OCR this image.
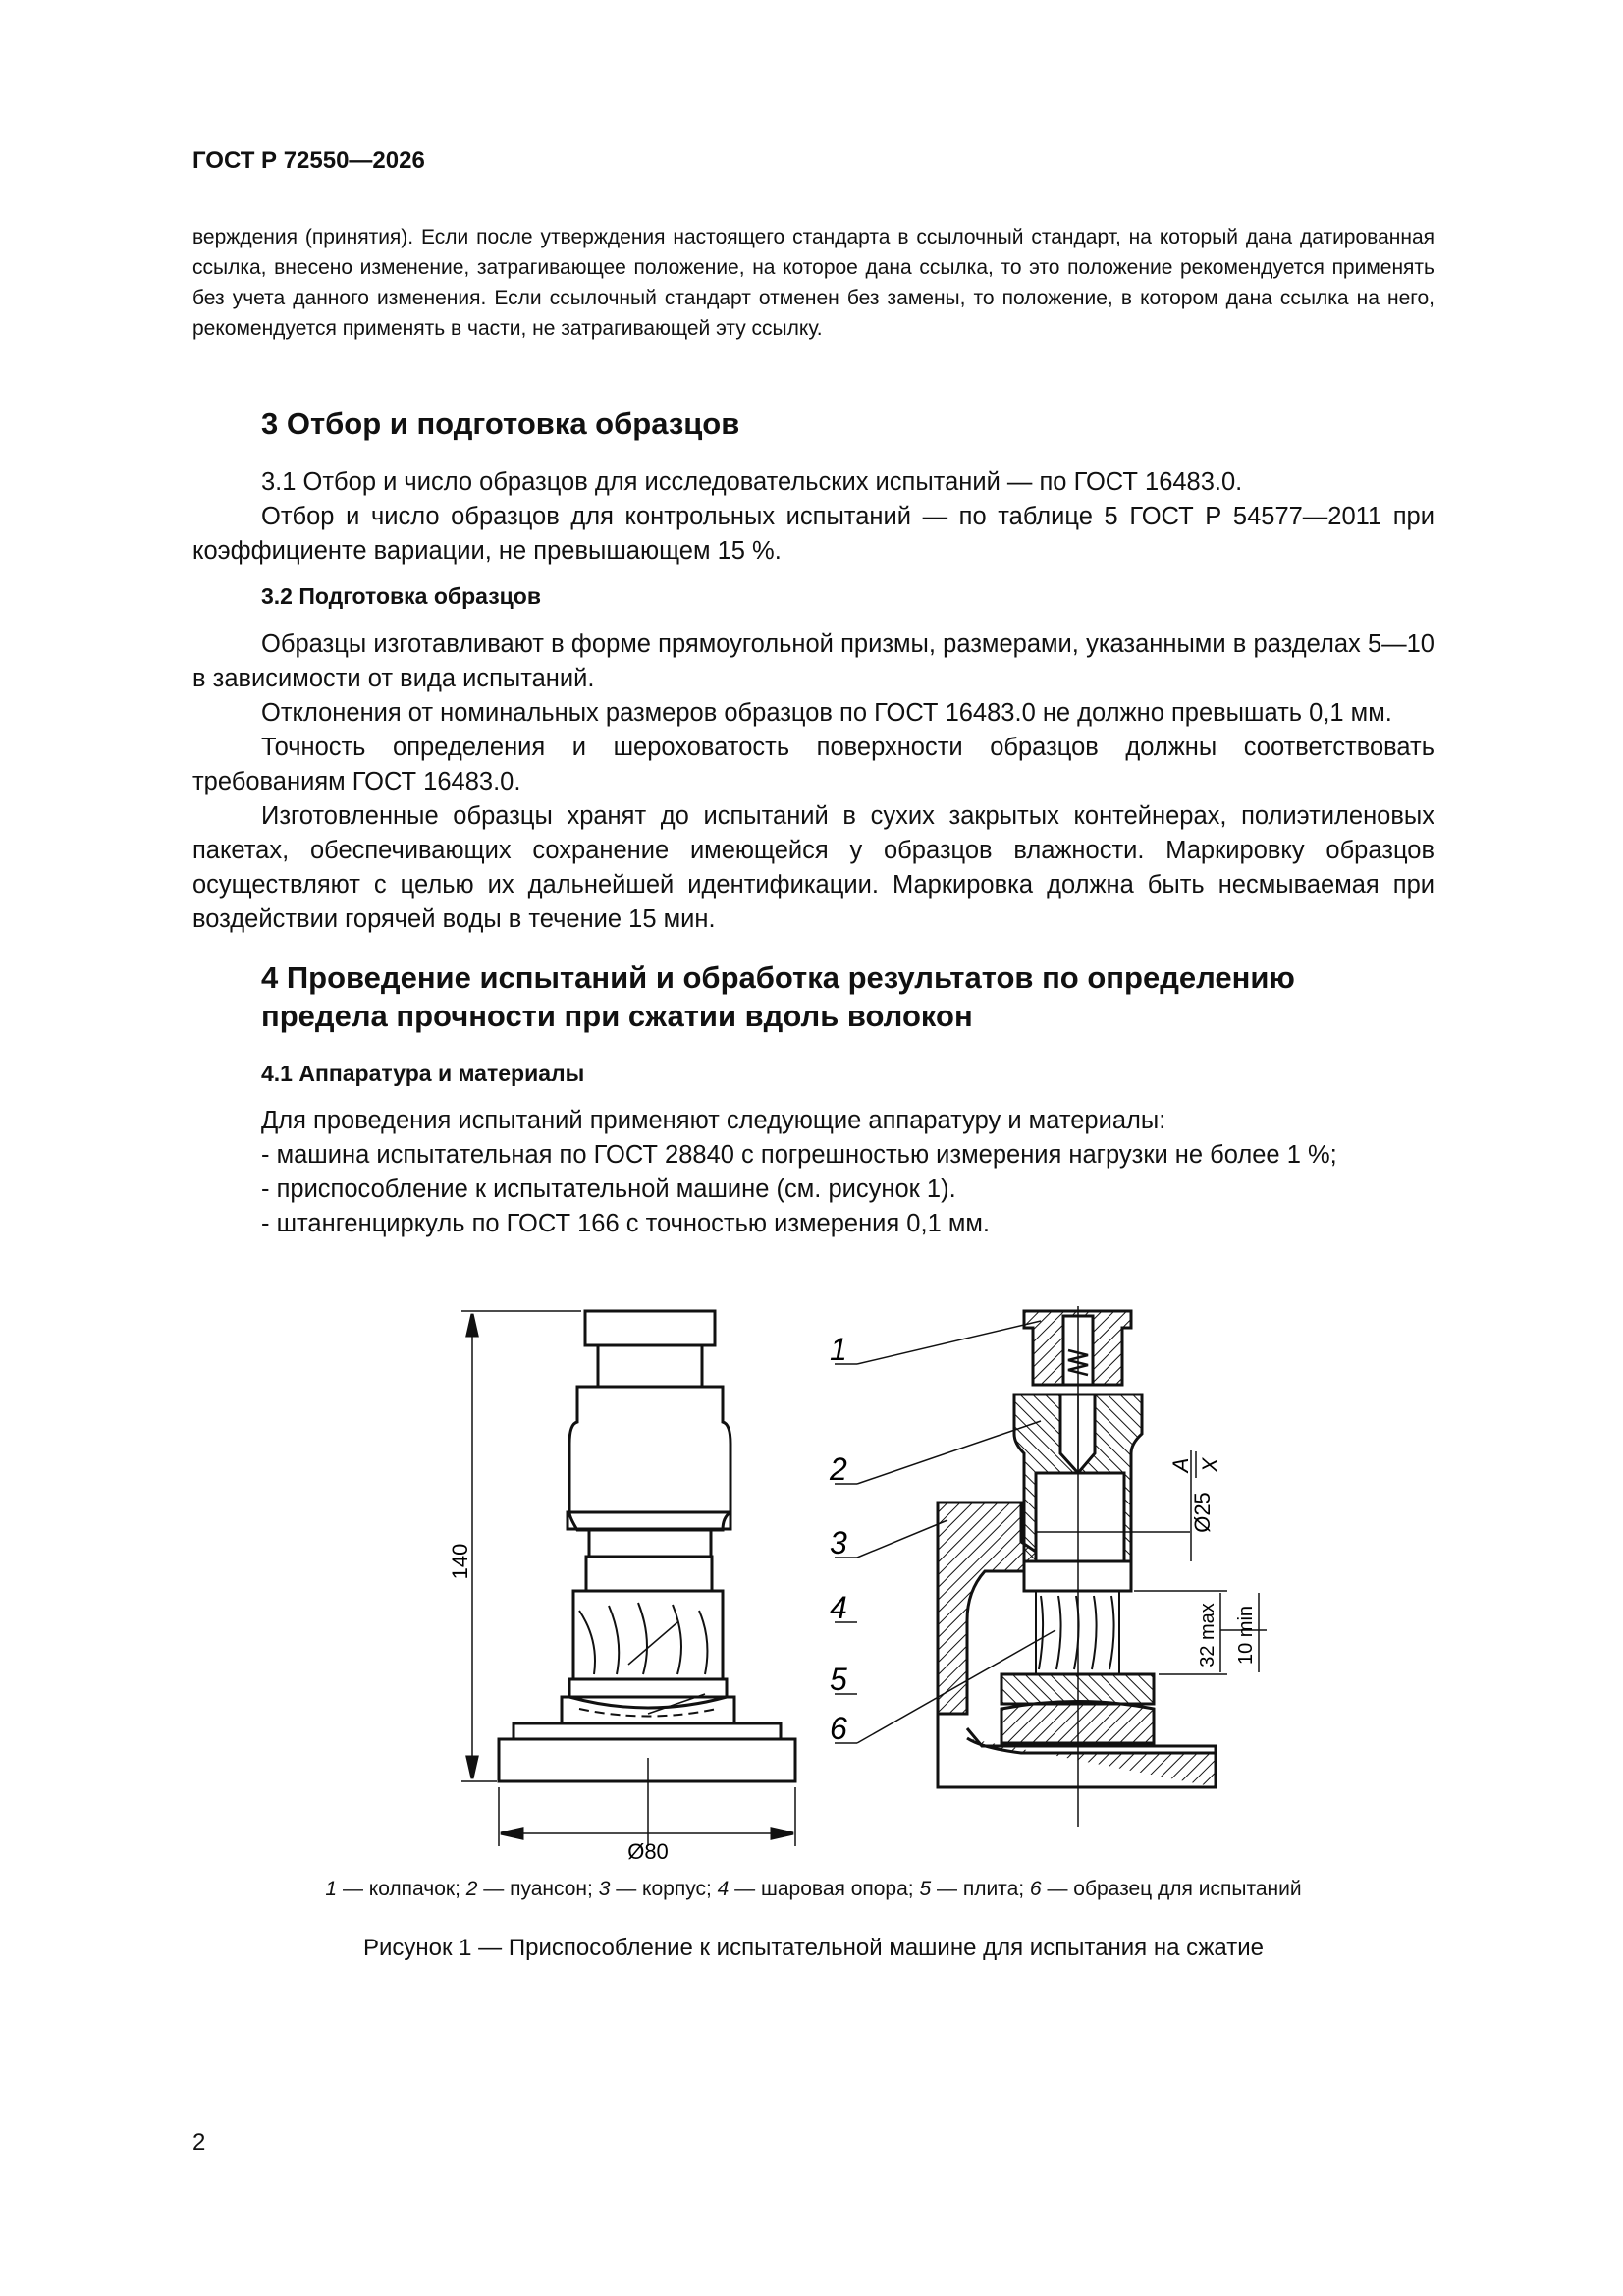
ГОСТ Р 72550—2026
верждения (принятия). Если после утверждения настоящего стандарта в ссылочный стандарт, на который дана датированная ссылка, внесено изменение, затрагивающее положение, на которое дана ссылка, то это положение рекомендуется применять без учета данного изменения. Если ссылочный стандарт отменен без замены, то положение, в котором дана ссылка на него, рекомендуется применять в части, не затрагивающей эту ссылку.
3 Отбор и подготовка образцов
3.1 Отбор и число образцов для исследовательских испытаний — по ГОСТ 16483.0.
Отбор и число образцов для контрольных испытаний — по таблице 5 ГОСТ Р 54577—2011 при коэффициенте вариации, не превышающем 15 %.
3.2 Подготовка образцов
Образцы изготавливают в форме прямоугольной призмы, размерами, указанными в разделах 5—10 в зависимости от вида испытаний.
Отклонения от номинальных размеров образцов по ГОСТ 16483.0 не должно превышать 0,1 мм.
Точность определения и шероховатость поверхности образцов должны соответствовать требованиям ГОСТ 16483.0.
Изготовленные образцы хранят до испытаний в сухих закрытых контейнерах, полиэтиленовых пакетах, обеспечивающих сохранение имеющейся у образцов влажности. Маркировку образцов осуществляют с целью их дальнейшей идентификации. Маркировка должна быть несмываемая при воздействии горячей воды в течение 15 мин.
4 Проведение испытаний и обработка результатов по определению
предела прочности при сжатии вдоль волокон
4.1 Аппаратура и материалы
Для проведения испытаний применяют следующие аппаратуру и материалы:
- машина испытательная по ГОСТ 28840 с погрешностью измерения нагрузки не более 1 %;
- приспособление к испытательной машине (см. рисунок 1).
- штангенциркуль по ГОСТ 166 с точностью измерения 0,1 мм.
140
Ø80
Ø25
A X
32 max 10 min
1
2
3
4
5
6
1 — колпачок; 2 — пуансон; 3 — корпус; 4 — шаровая опора; 5 — плита; 6 — образец для испытаний
Рисунок 1 — Приспособление к испытательной машине для испытания на сжатие
2
